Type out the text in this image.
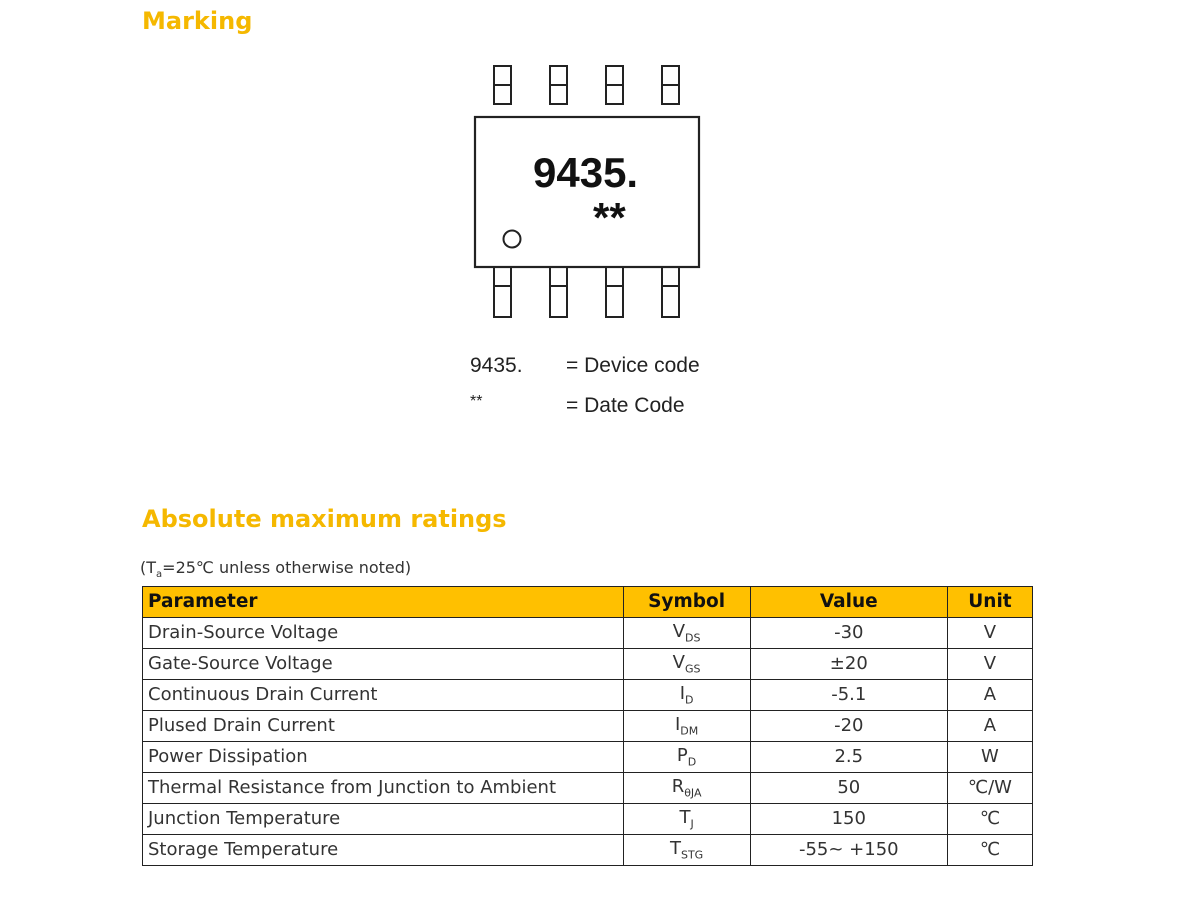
Marking
9435.
**
9435. = Device code
**	= Date Code
Absolute maximum ratings
($T_a=25℃$ unless otherwise noted)
Parameter	Symbol	Value	Unit
Drain-Source Voltage	$V_{DS}$	-30	V
Gate-Source Voltage	$V_{GS}$	±20	V
Continuous Drain Current	$I_D$	-5.1	A
Plused Drain Current	$I_{DM}$	-20	A
Power Dissipation	$P_D$	2.5	W
Thermal Resistance from Junction to Ambient	$R_{\theta JA}$	50	℃/W
Junction Temperature	$T_J$	150	℃
Storage Temperature	$T_{STG}$	-55~ +150	℃
